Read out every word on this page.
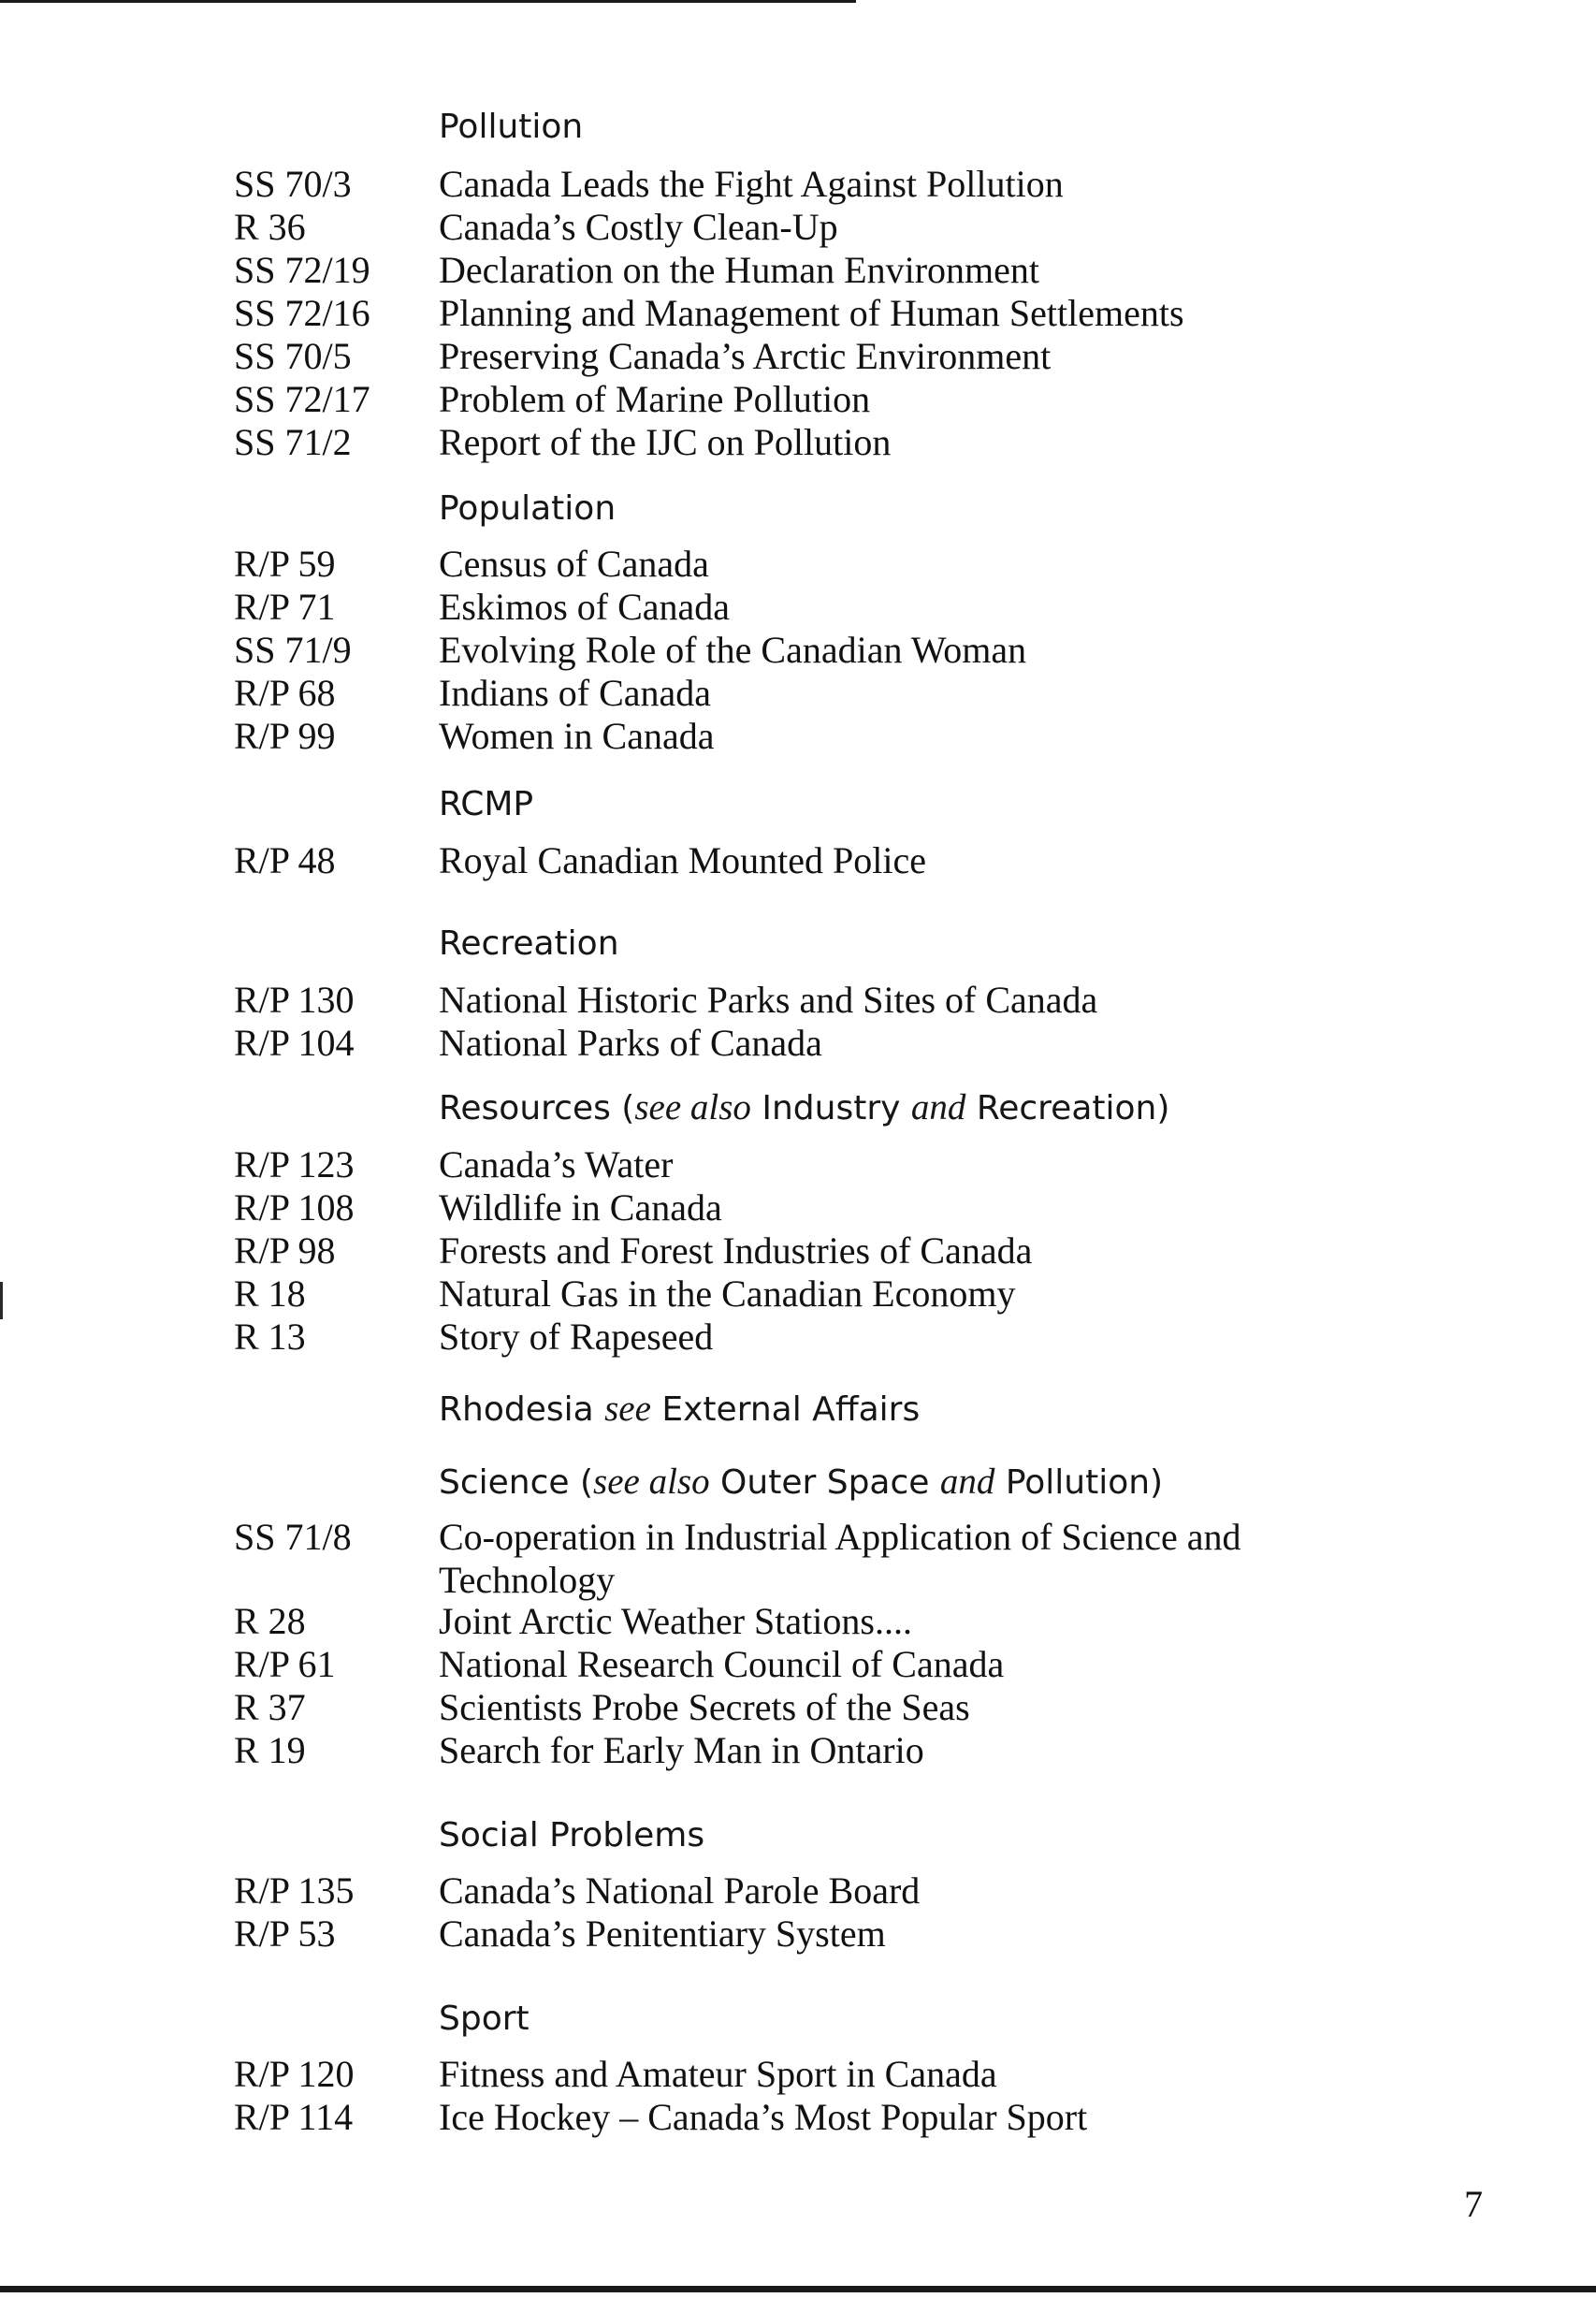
Pollution
SS 70/3 Canada Leads the Fight Against Pollution
R 36	Canada’s Costly Clean-Up
SS 72/19 Declaration on the Human Environment
SS 72/16 Planning and Management of Human Settlements
SS 70/5 Preserving Canada’s Arctic Environment
SS 72/17 Problem of Marine Pollution
SS 71/2 Report of the IJC on Pollution
Population
R/P 59	Census of Canada
R/P 71	Eskimos of Canada
SS 71/9 Evolving Role of the Canadian Woman
R/P 68	Indians of Canada
R/P 99	Women in Canada
RCMP
R/P 48	Royal Canadian Mounted Police
Recreation
R/P 130 National Historic Parks and Sites of Canada
R/P 104 National Parks of Canada
Resources (see also Industry and Recreation)
R/P 123 Canada’s Water
R/P 108 Wildlife in Canada
R/P 98	Forests and Forest Industries of Canada
R 18	Natural Gas in the Canadian Economy
R 13	Story of Rapeseed
Rhodesia see External Affairs
Science (see also Outer Space and Pollution)
SS 71/8 Co-operation in Industrial Application of Science and Technology
R 28	Joint Arctic Weather Stations....
R/P 61	National Research Council of Canada
R 37	Scientists Probe Secrets of the Seas
R 19	Search for Early Man in Ontario
Social Problems
R/P 135 Canada’s National Parole Board
R/P 53	Canada’s Penitentiary System
Sport
R/P 120 Fitness and Amateur Sport in Canada
R/P 114 Ice Hockey – Canada’s Most Popular Sport
7
